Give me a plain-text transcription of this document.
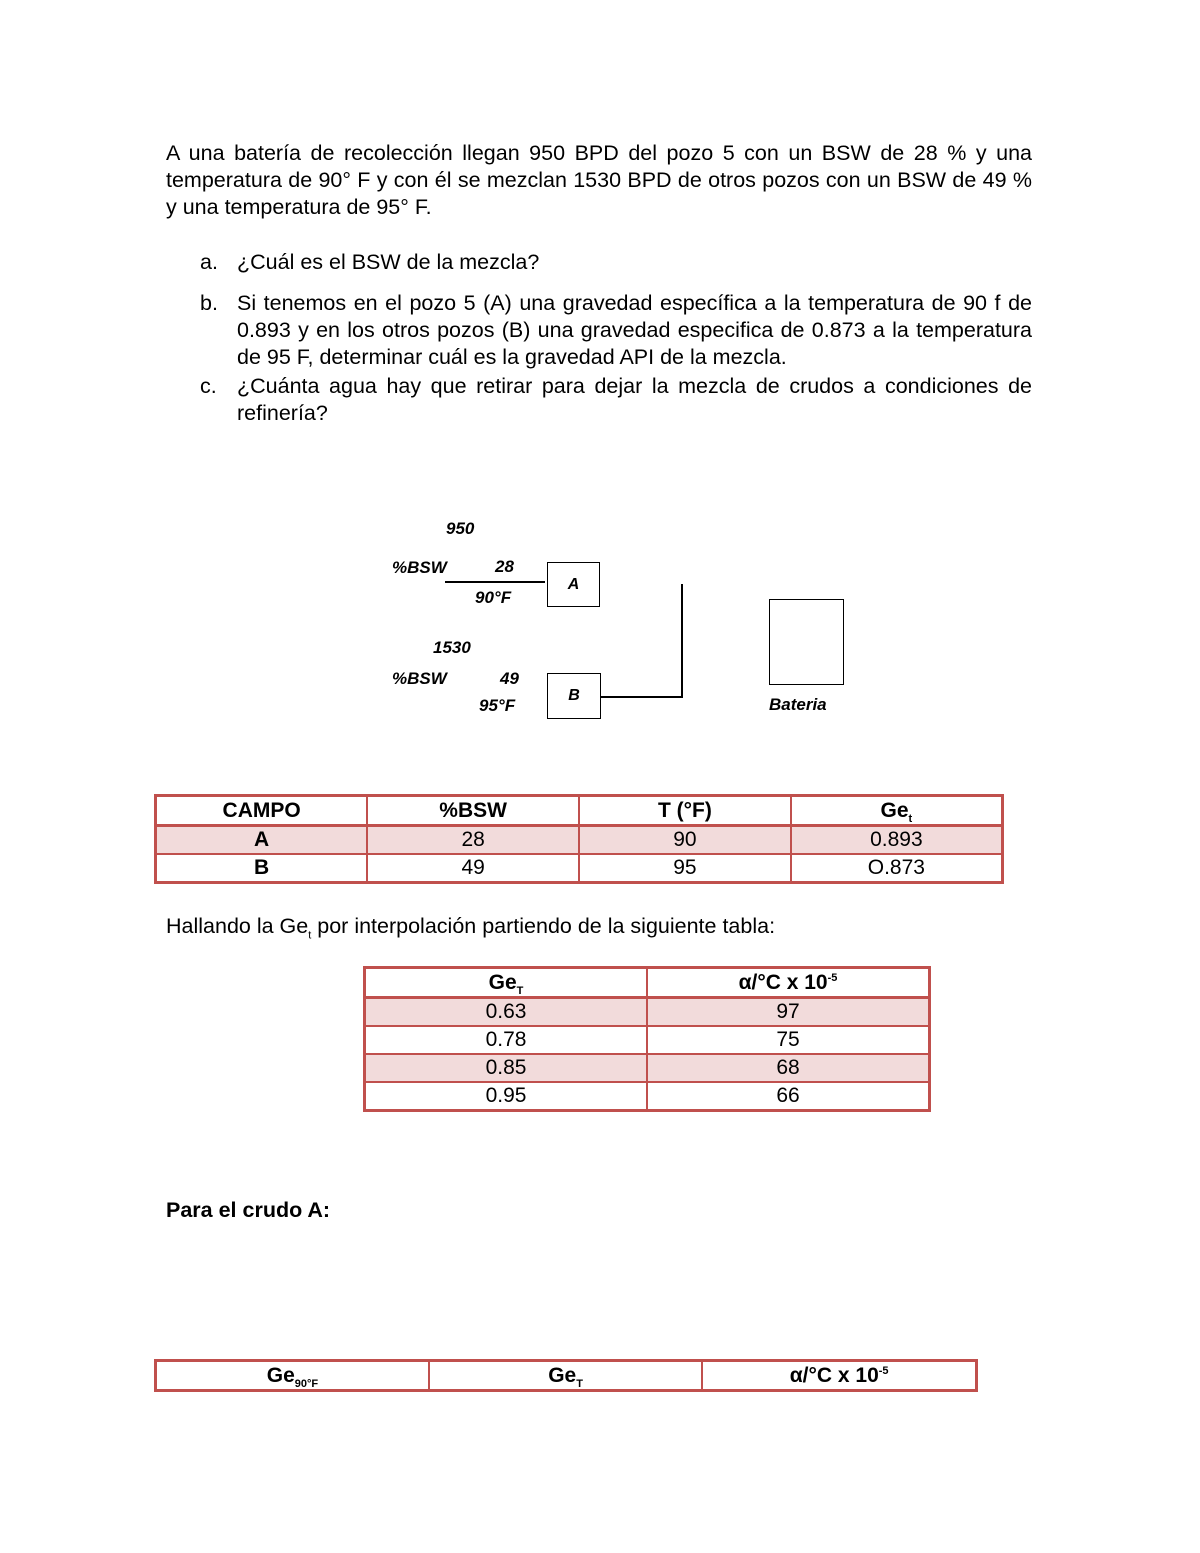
A una batería de recolección llegan 950 BPD del pozo 5 con un BSW de 28 % y una temperatura de 90° F y con él se mezclan 1530 BPD de otros pozos con un BSW de 49 % y una temperatura de 95° F.
a. ¿Cuál es el BSW de la mezcla?
b. Si tenemos en el pozo 5 (A) una gravedad específica a la temperatura de 90 f de 0.893 y en los otros pozos (B) una gravedad especifica de 0.873 a la temperatura de 95 F, determinar cuál es la gravedad API de la mezcla.
c. ¿Cuánta agua hay que retirar para dejar la mezcla de crudos a condiciones de refinería?
950
%BSW	28
90°F
A
1530
%BSW	49
95°F
B	Bateria
CAMPO	%BSW	T (°F)	$Ge_t$
A	28	90	0.893
B	49	95	O.873
Hallando la $Ge_t$ por interpolación partiendo de la siguiente tabla:
$Ge_T$	α/°C x $10^{-5}$
0.63	97
0.78	75
0.85	68
0.95	66
Para el crudo A:
$Ge_{90^\circ F}$	$Ge_T$	α/°C x $10^{-5}$
